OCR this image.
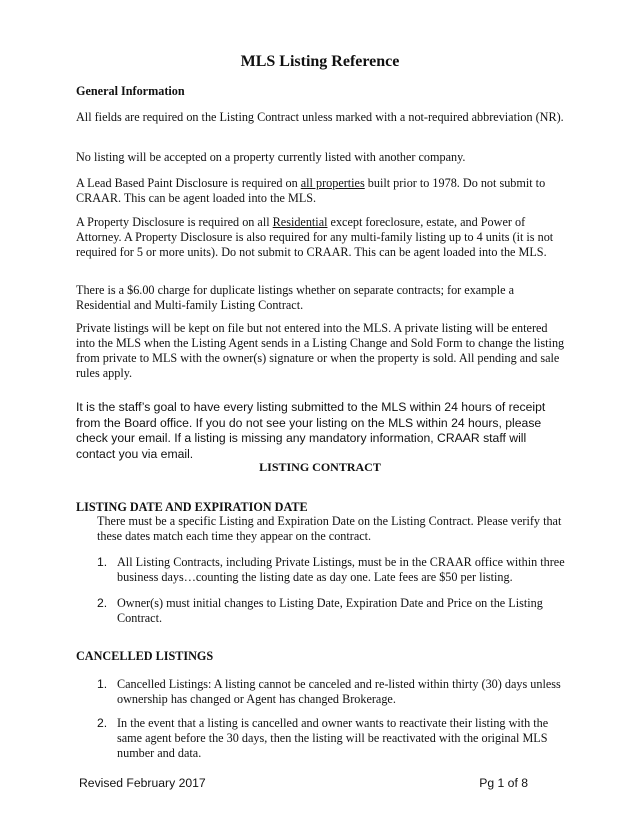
MLS Listing Reference
General Information

All fields are required on the Listing Contract unless marked with a not-required abbreviation (NR).

No listing will be accepted on a property currently listed with another company.

A Lead Based Paint Disclosure is required on all properties built prior to 1978. Do not submit to CRAAR. This can be agent loaded into the MLS.

A Property Disclosure is required on all Residential except foreclosure, estate, and Power of Attorney. A Property Disclosure is also required for any multi-family listing up to 4 units (it is not required for 5 or more units). Do not submit to CRAAR. This can be agent loaded into the MLS.

There is a $6.00 charge for duplicate listings whether on separate contracts; for example a Residential and Multi-family Listing Contract.

Private listings will be kept on file but not entered into the MLS. A private listing will be entered into the MLS when the Listing Agent sends in a Listing Change and Sold Form to change the listing from private to MLS with the owner(s) signature or when the property is sold. All pending and sale rules apply.

It is the staff’s goal to have every listing submitted to the MLS within 24 hours of receipt from the Board office. If you do not see your listing on the MLS within 24 hours, please check your email. If a listing is missing any mandatory information, CRAAR staff will contact you via email.

LISTING CONTRACT
LISTING DATE AND EXPIRATION DATE
There must be a specific Listing and Expiration Date on the Listing Contract. Please verify that these dates match each time they appear on the contract.
1. All Listing Contracts, including Private Listings, must be in the CRAAR office within three business days…counting the listing date as day one. Late fees are $50 per listing.
2. Owner(s) must initial changes to Listing Date, Expiration Date and Price on the Listing Contract.
CANCELLED LISTINGS
1. Cancelled Listings: A listing cannot be canceled and re-listed within thirty (30) days unless ownership has changed or Agent has changed Brokerage.
2. In the event that a listing is cancelled and owner wants to reactivate their listing with the same agent before the 30 days, then the listing will be reactivated with the original MLS number and data.
Revised February 2017	Pg 1 of 8
